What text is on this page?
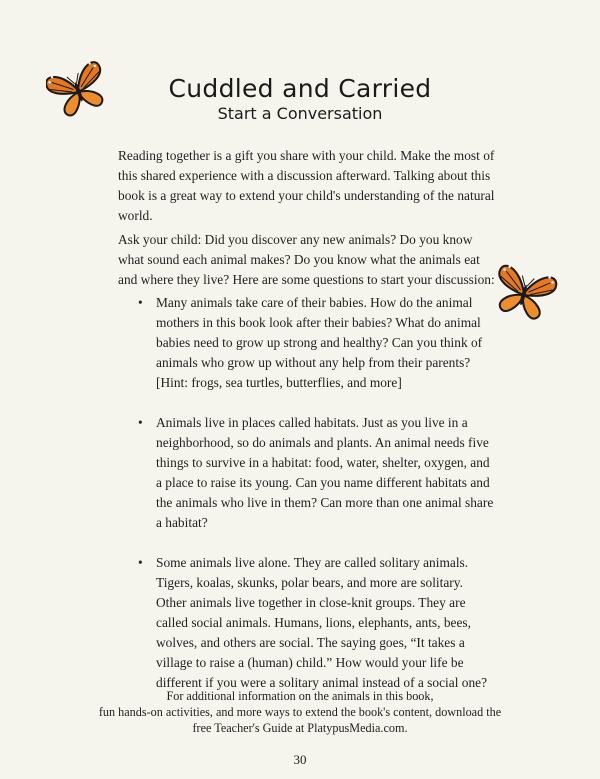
Cuddled and Carried
Start a Conversation

Reading together is a gift you share with your child. Make the most of this shared experience with a discussion afterward. Talking about this book is a great way to extend your child's understanding of the natural world.

Ask your child: Did you discover any new animals? Do you know what sound each animal makes? Do you know what the animals eat and where they live? Here are some questions to start your discussion:

• Many animals take care of their babies. How do the animal mothers in this book look after their babies? What do animal babies need to grow up strong and healthy? Can you think of animals who grow up without any help from their parents? [Hint: frogs, sea turtles, butterflies, and more]
• Animals live in places called habitats. Just as you live in a neighborhood, so do animals and plants. An animal needs five things to survive in a habitat: food, water, shelter, oxygen, and a place to raise its young. Can you name different habitats and the animals who live in them? Can more than one animal share a habitat?
• Some animals live alone. They are called solitary animals. Tigers, koalas, skunks, polar bears, and more are solitary. Other animals live together in close-knit groups. They are called social animals. Humans, lions, elephants, ants, bees, wolves, and others are social. The saying goes, “It takes a village to raise a (human) child.” How would your life be different if you were a solitary animal instead of a social one?
For additional information on the animals in this book,
fun hands-on activities, and more ways to extend the book's content, download the
free Teacher's Guide at PlatypusMedia.com.
30
